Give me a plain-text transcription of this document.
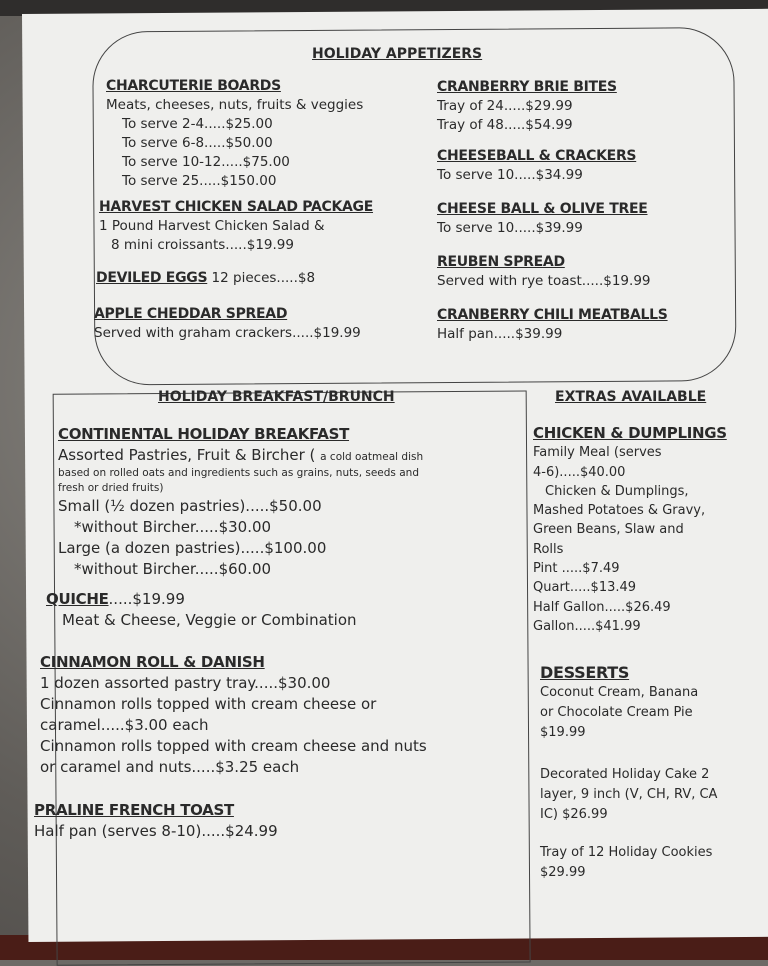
HOLIDAY APPETIZERS
CHARCUTERIE BOARDS
Meats, cheeses, nuts, fruits & veggies
To serve 2-4.....$25.00
To serve 6-8.....$50.00
To serve 10-12.....$75.00
To serve 25.....$150.00
HARVEST CHICKEN SALAD PACKAGE
1 Pound Harvest Chicken Salad &
8 mini croissants.....$19.99
DEVILED EGGS 12 pieces.....$8
APPLE CHEDDAR SPREAD
Served with graham crackers.....$19.99
CRANBERRY BRIE BITES
Tray of 24.....$29.99
Tray of 48.....$54.99
CHEESEBALL & CRACKERS
To serve 10.....$34.99
CHEESE BALL & OLIVE TREE
To serve 10.....$39.99
REUBEN SPREAD
Served with rye toast.....$19.99
CRANBERRY CHILI MEATBALLS
Half pan.....$39.99
HOLIDAY BREAKFAST/BRUNCH
CONTINENTAL HOLIDAY BREAKFAST
Assorted Pastries, Fruit & Bircher ( a cold oatmeal dish
based on rolled oats and ingredients such as grains, nuts, seeds and
fresh or dried fruits)
Small (½ dozen pastries).....$50.00
*without Bircher.....$30.00
Large (a dozen pastries).....$100.00
*without Bircher.....$60.00
QUICHE.....$19.99
Meat & Cheese, Veggie or Combination
CINNAMON ROLL & DANISH
1 dozen assorted pastry tray.....$30.00
Cinnamon rolls topped with cream cheese or
caramel.....$3.00 each
Cinnamon rolls topped with cream cheese and nuts
or caramel and nuts.....$3.25 each
PRALINE FRENCH TOAST
Half pan (serves 8-10).....$24.99
EXTRAS AVAILABLE
CHICKEN & DUMPLINGS
Family Meal (serves
4-6).....$40.00
Chicken & Dumplings,
Mashed Potatoes & Gravy,
Green Beans, Slaw and
Rolls
Pint .....$7.49
Quart.....$13.49
Half Gallon.....$26.49
Gallon.....$41.99
DESSERTS
Coconut Cream, Banana
or Chocolate Cream Pie
$19.99
Decorated Holiday Cake 2
layer, 9 inch (V, CH, RV, CA
IC) $26.99
Tray of 12 Holiday Cookies
$29.99
